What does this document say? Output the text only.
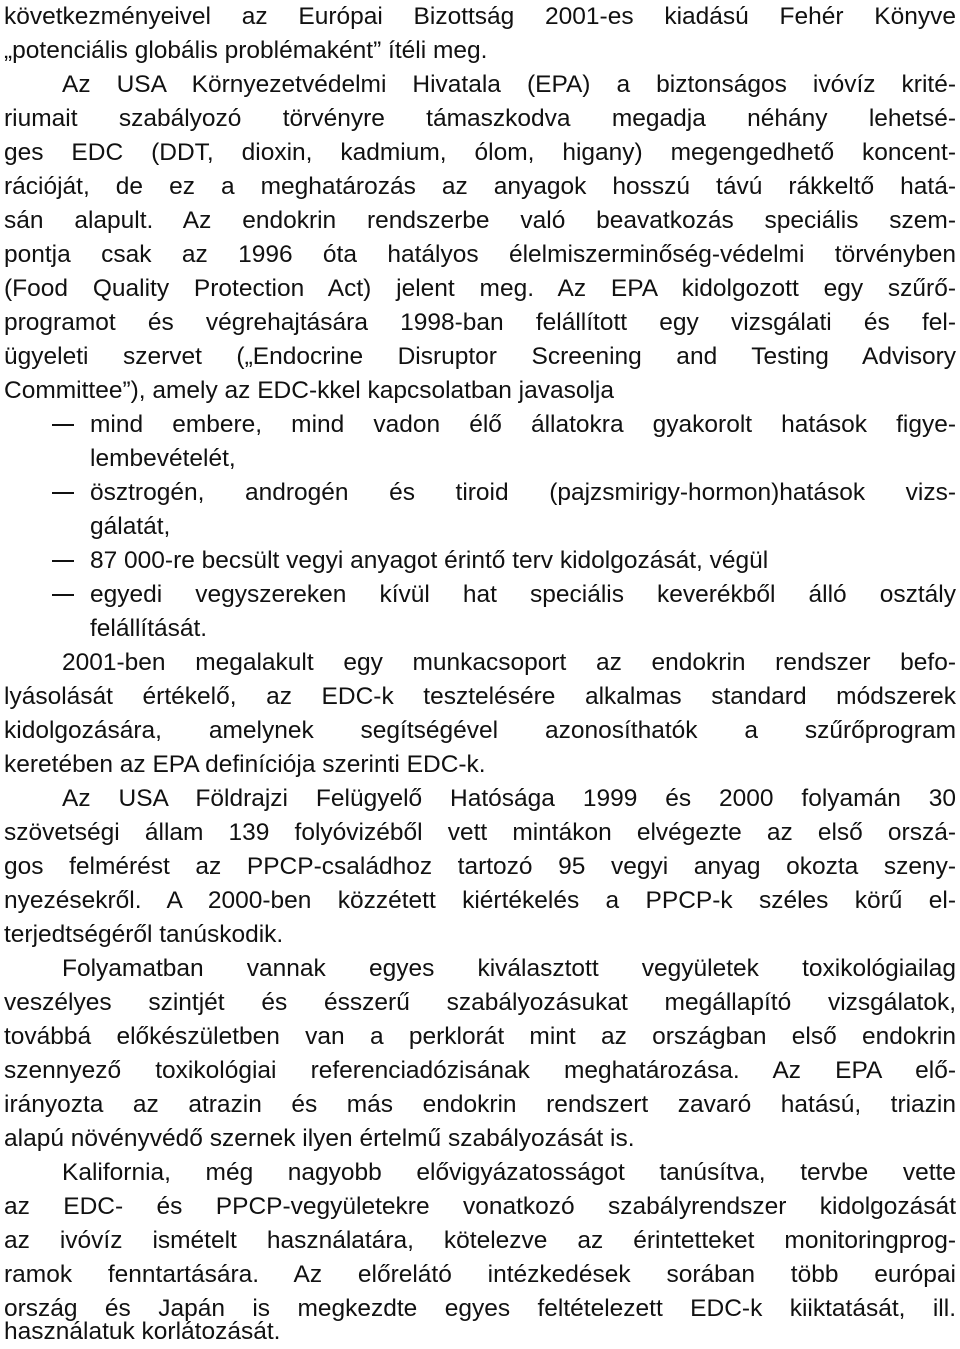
következményeivel az Európai Bizottság 2001-es kiadású Fehér Könyve
„potenciális globális problémaként” ítéli meg.
Az USA Környezetvédelmi Hivatala (EPA) a biztonságos ivóvíz krité-
riumait szabályozó törvényre támaszkodva megadja néhány lehetsé-
ges EDC (DDT, dioxin, kadmium, ólom, higany) megengedhető koncent-
rációját, de ez a meghatározás az anyagok hosszú távú rákkeltő hatá-
sán alapult. Az endokrin rendszerbe való beavatkozás speciális szem-
pontja csak az 1996 óta hatályos élelmiszerminőség-védelmi törvényben
(Food Quality Protection Act) jelent meg. Az EPA kidolgozott egy szűrő-
programot és végrehajtására 1998-ban felállított egy vizsgálati és fel-
ügyeleti szervet („Endocrine Disruptor Screening and Testing Advisory
Committee”), amely az EDC-kkel kapcsolatban javasolja
mind embere, mind vadon élő állatokra gyakorolt hatások figye-
lembevételét,
ösztrogén, androgén és tiroid (pajzsmirigy-hormon)hatások vizs-
gálatát,
87 000-re becsült vegyi anyagot érintő terv kidolgozását, végül
egyedi vegyszereken kívül hat speciális keverékből álló osztály
felállítását.
2001-ben megalakult egy munkacsoport az endokrin rendszer befo-
lyásolását értékelő, az EDC-k tesztelésére alkalmas standard módszerek
kidolgozására, amelynek segítségével azonosíthatók a szűrőprogram
keretében az EPA definíciója szerinti EDC-k.
Az USA Földrajzi Felügyelő Hatósága 1999 és 2000 folyamán 30
szövetségi állam 139 folyóvizéből vett mintákon elvégezte az első orszá-
gos felmérést az PPCP-családhoz tartozó 95 vegyi anyag okozta szeny-
nyezésekről. A 2000-ben közzétett kiértékelés a PPCP-k széles körű el-
terjedtségéről tanúskodik.
Folyamatban vannak egyes kiválasztott vegyületek toxikológiailag
veszélyes szintjét és ésszerű szabályozásukat megállapító vizsgálatok,
továbbá előkészületben van a perklorát mint az országban első endokrin
szennyező toxikológiai referenciadózisának meghatározása. Az EPA elő-
irányozta az atrazin és más endokrin rendszert zavaró hatású, triazin
alapú növényvédő szernek ilyen értelmű szabályozását is.
Kalifornia, még nagyobb elővigyázatosságot tanúsítva, tervbe vette
az EDC- és PPCP-vegyületekre vonatkozó szabályrendszer kidolgozását
az ivóvíz ismételt használatára, kötelezve az érintetteket monitoringprog-
ramok fenntartására. Az előrelátó intézkedések sorában több európai
ország és Japán is megkezdte egyes feltételezett EDC-k kiiktatását, ill.
használatuk korlátozását.
